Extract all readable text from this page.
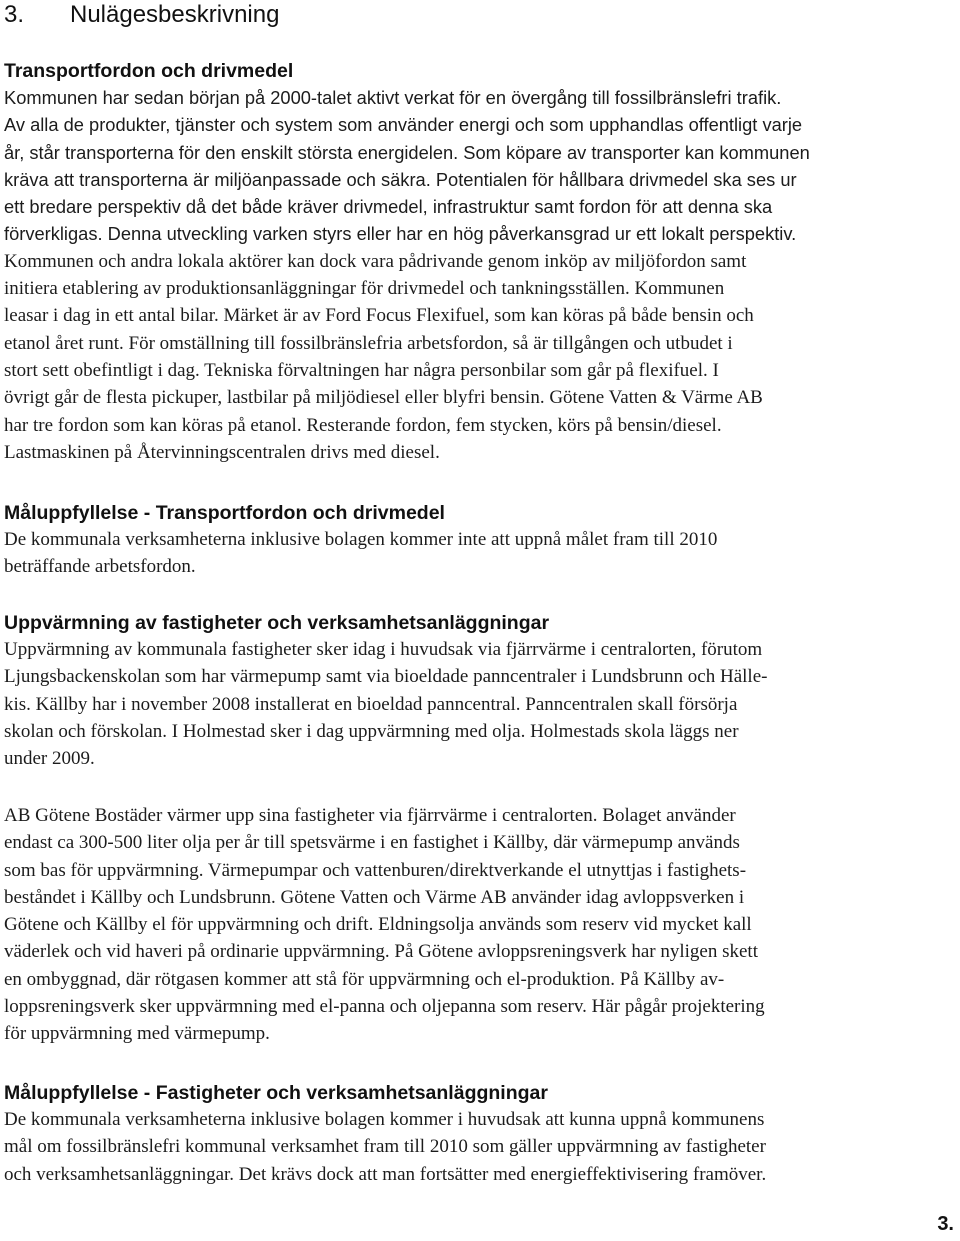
3. Nulägesbeskrivning
Transportfordon och drivmedel

Kommunen har sedan början på 2000-talet aktivt verkat för en övergång till fossilbränslefri trafik.
Av alla de produkter, tjänster och system som använder energi och som upphandlas offentligt varje
år, står transporterna för den enskilt största energidelen. Som köpare av transporter kan kommunen
kräva att transporterna är miljöanpassade och säkra. Potentialen för hållbara drivmedel ska ses ur
ett bredare perspektiv då det både kräver drivmedel, infrastruktur samt fordon för att denna ska
förverkligas. Denna utveckling varken styrs eller har en hög påverkansgrad ur ett lokalt perspektiv.

Kommunen och andra lokala aktörer kan dock vara pådrivande genom inköp av miljöfordon samt
initiera etablering av produktionsanläggningar för drivmedel och tankningsställen. Kommunen
leasar i dag in ett antal bilar. Märket är av Ford Focus Flexifuel, som kan köras på både bensin och
etanol året runt. För omställning till fossilbränslefria arbetsfordon, så är tillgången och utbudet i
stort sett obefintligt i dag. Tekniska förvaltningen har några personbilar som går på flexifuel. I
övrigt går de flesta pickuper, lastbilar på miljödiesel eller blyfri bensin. Götene Vatten & Värme AB
har tre fordon som kan köras på etanol. Resterande fordon, fem stycken, körs på bensin/diesel.
Lastmaskinen på Återvinningscentralen drivs med diesel.

Måluppfyllelse - Transportfordon och drivmedel

De kommunala verksamheterna inklusive bolagen kommer inte att uppnå målet fram till 2010
beträffande arbetsfordon.

Uppvärmning av fastigheter och verksamhetsanläggningar

Uppvärmning av kommunala fastigheter sker idag i huvudsak via fjärrvärme i centralorten, förutom
Ljungsbackenskolan som har värmepump samt via bioeldade panncentraler i Lundsbrunn och Hälle-
kis. Källby har i november 2008 installerat en bioeldad panncentral. Panncentralen skall försörja
skolan och förskolan. I Holmestad sker i dag uppvärmning med olja. Holmestads skola läggs ner
under 2009.

AB Götene Bostäder värmer upp sina fastigheter via fjärrvärme i centralorten. Bolaget använder
endast ca 300-500 liter olja per år till spetsvärme i en fastighet i Källby, där värmepump används
som bas för uppvärmning. Värmepumpar och vattenburen/direktverkande el utnyttjas i fastighets-
beståndet i Källby och Lundsbrunn. Götene Vatten och Värme AB använder idag avloppsverken i
Götene och Källby el för uppvärmning och drift. Eldningsolja används som reserv vid mycket kall
väderlek och vid haveri på ordinarie uppvärmning. På Götene avloppsreningsverk har nyligen skett
en ombyggnad, där rötgasen kommer att stå för uppvärmning och el-produktion. På Källby av-
loppsreningsverk sker uppvärmning med el-panna och oljepanna som reserv. Här pågår projektering
för uppvärmning med värmepump.

Måluppfyllelse - Fastigheter och verksamhetsanläggningar

De kommunala verksamheterna inklusive bolagen kommer i huvudsak att kunna uppnå kommunens
mål om fossilbränslefri kommunal verksamhet fram till 2010 som gäller uppvärmning av fastigheter
och verksamhetsanläggningar. Det krävs dock att man fortsätter med energieffektivisering framöver.

3.
